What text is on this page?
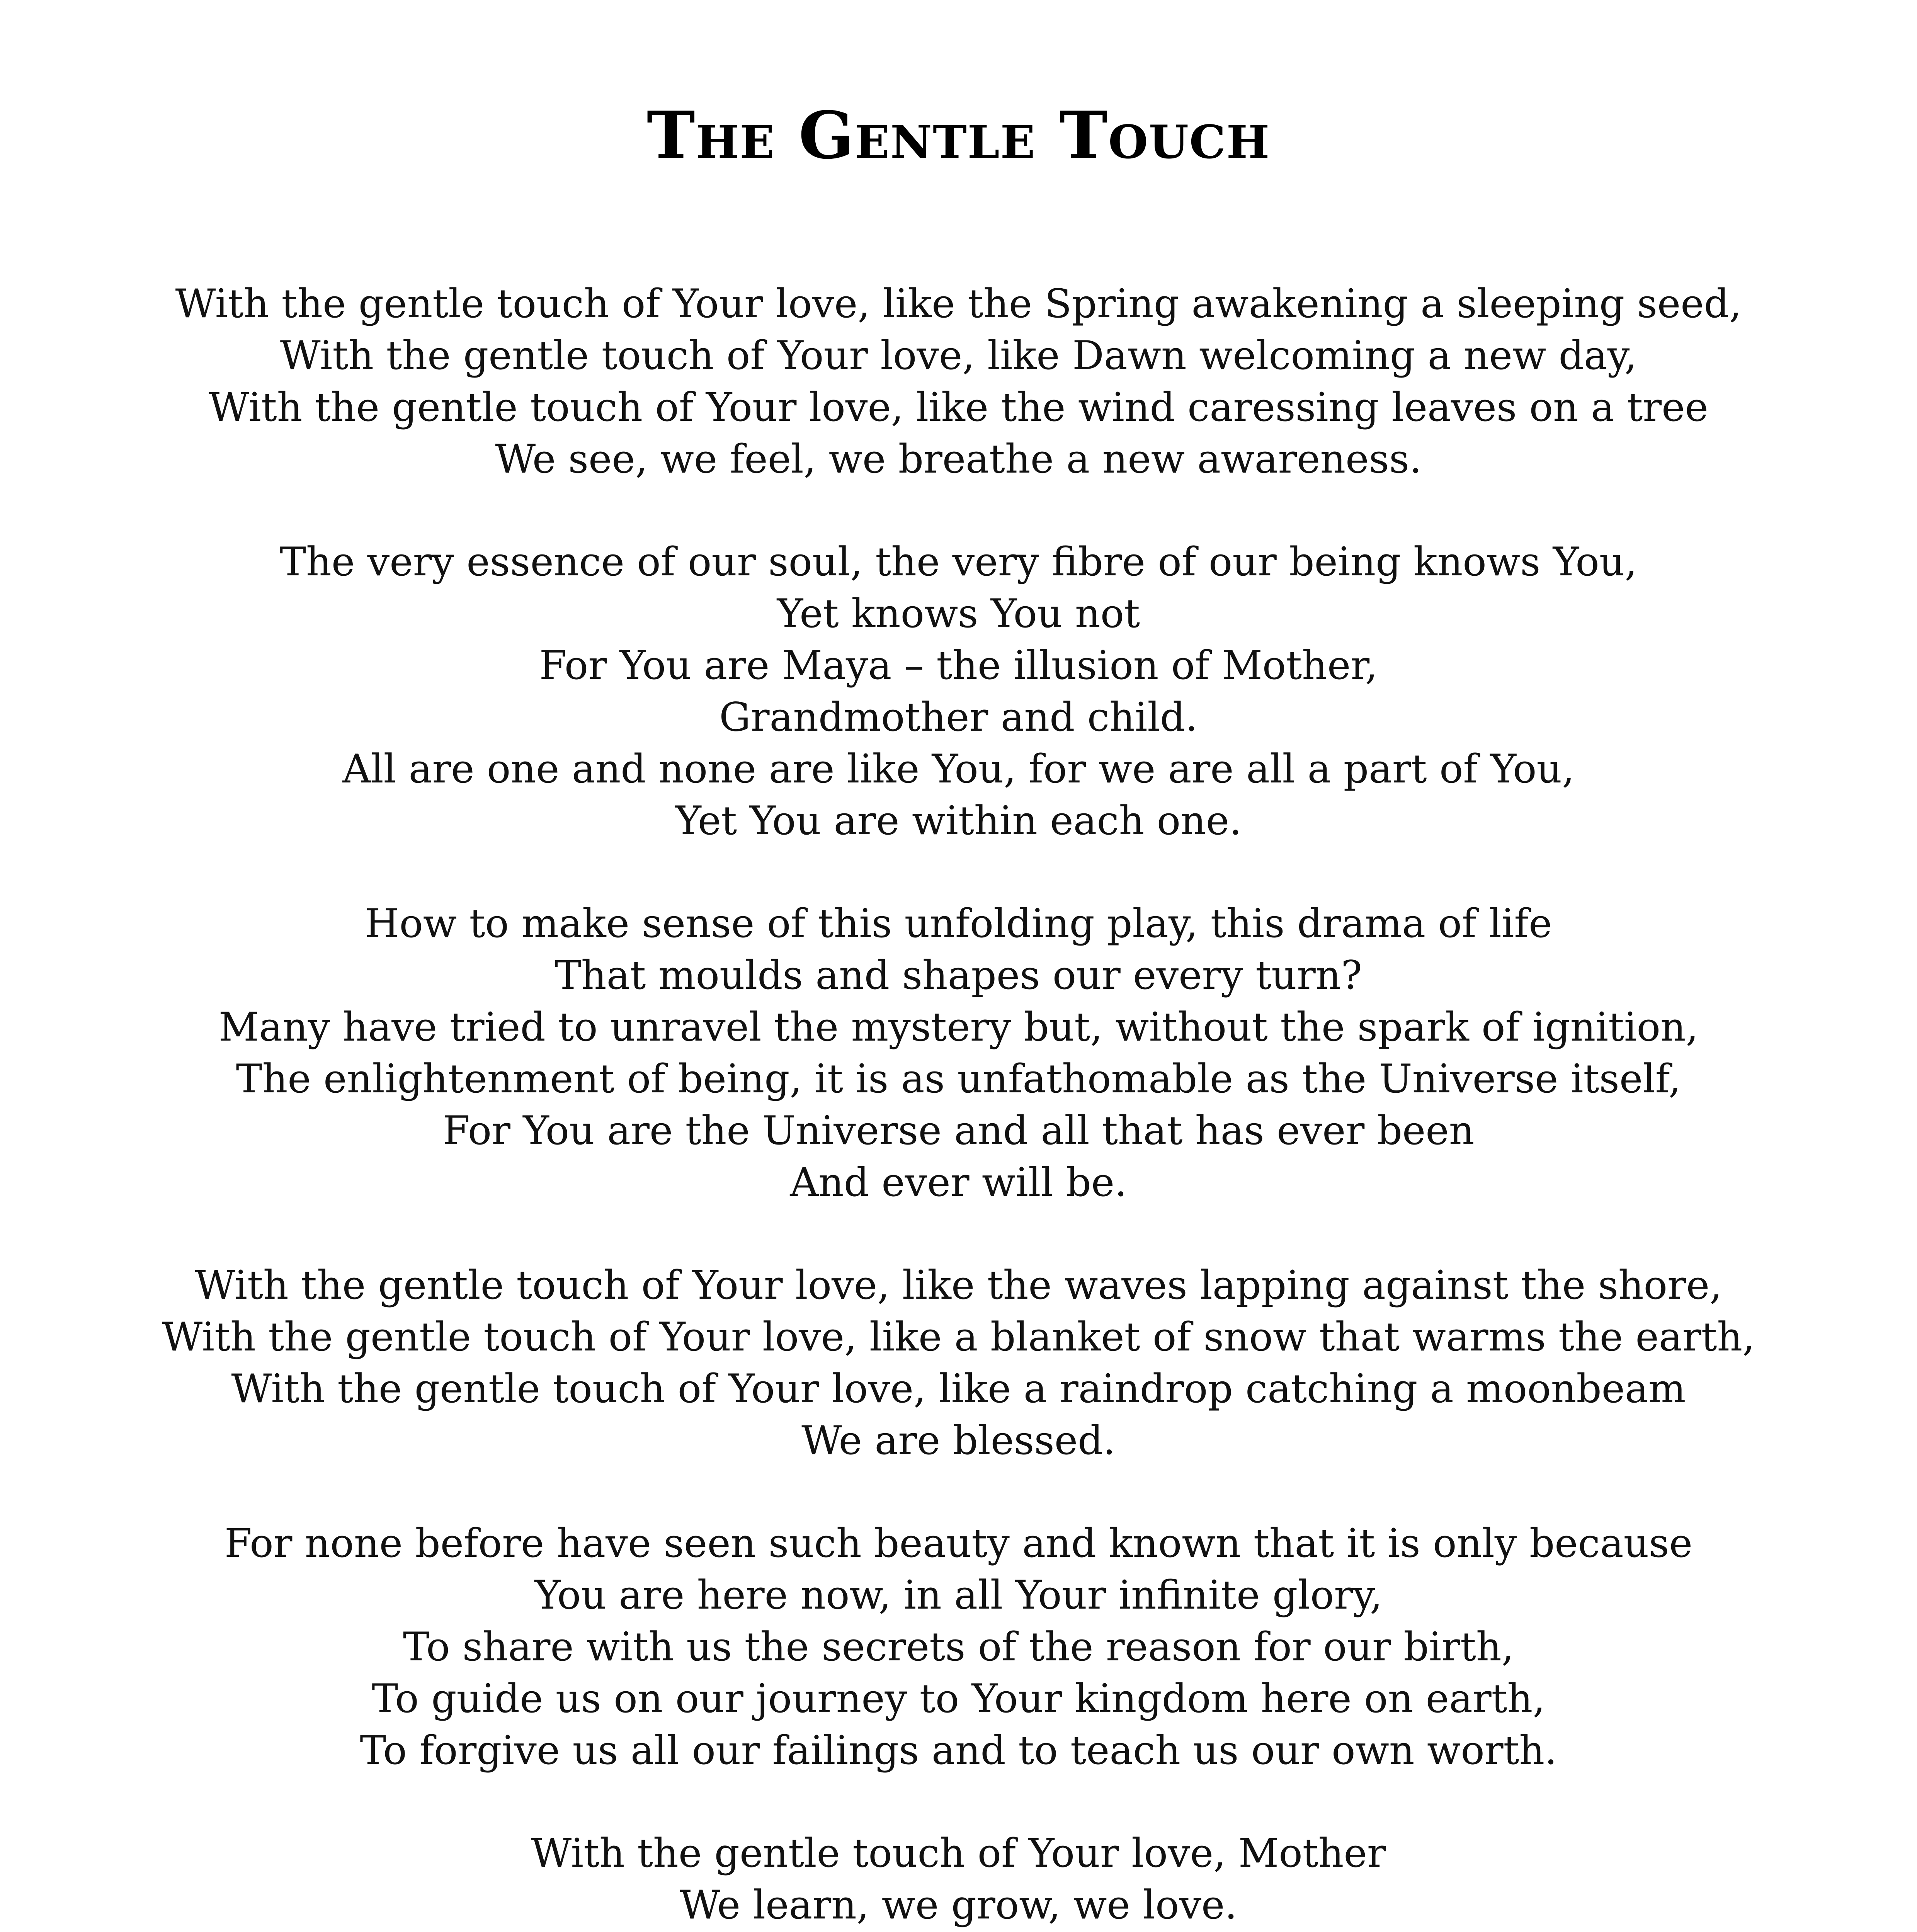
The Gentle Touch

With the gentle touch of Your love, like the Spring awakening a sleeping seed,
With the gentle touch of Your love, like Dawn welcoming a new day,
With the gentle touch of Your love, like the wind caressing leaves on a tree
We see, we feel, we breathe a new awareness.

The very essence of our soul, the very fibre of our being knows You,
Yet knows You not
For You are Maya – the illusion of Mother,
Grandmother and child.
All are one and none are like You, for we are all a part of You,
Yet You are within each one.

How to make sense of this unfolding play, this drama of life
That moulds and shapes our every turn?
Many have tried to unravel the mystery but, without the spark of ignition,
The enlightenment of being, it is as unfathomable as the Universe itself,
For You are the Universe and all that has ever been
And ever will be.

With the gentle touch of Your love, like the waves lapping against the shore,
With the gentle touch of Your love, like a blanket of snow that warms the earth,
With the gentle touch of Your love, like a raindrop catching a moonbeam
We are blessed.

For none before have seen such beauty and known that it is only because
You are here now, in all Your infinite glory,
To share with us the secrets of the reason for our birth,
To guide us on our journey to Your kingdom here on earth,
To forgive us all our failings and to teach us our own worth.

With the gentle touch of Your love, Mother
We learn, we grow, we love.
